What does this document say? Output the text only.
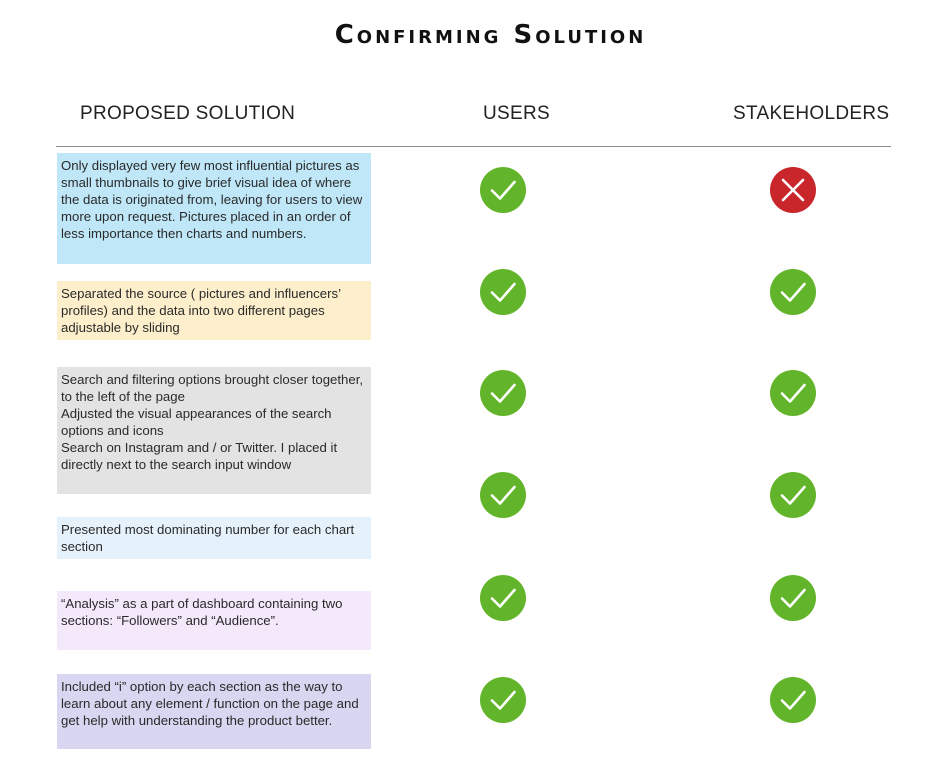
Confirming Solution
PROPOSED SOLUTION	USERS	STAKEHOLDERS
Only displayed very few most influential pictures as small thumbnails to give brief visual idea of where the data is originated from, leaving for users to view more upon request. Pictures placed in an order of less importance then charts and numbers.
Separated the source ( pictures and influencers’ profiles) and the data into two different pages adjustable by sliding
Search and filtering options brought closer together, to the left of the page
Adjusted the visual appearances of the search options and icons
Search on Instagram and / or Twitter. I placed it directly next to the search input window
Presented most dominating number for each chart section
“Analysis” as a part of dashboard containing two sections: “Followers” and “Audience”.
Included “i” option by each section as the way to learn about any element / function on the page and get help with understanding the product better.
